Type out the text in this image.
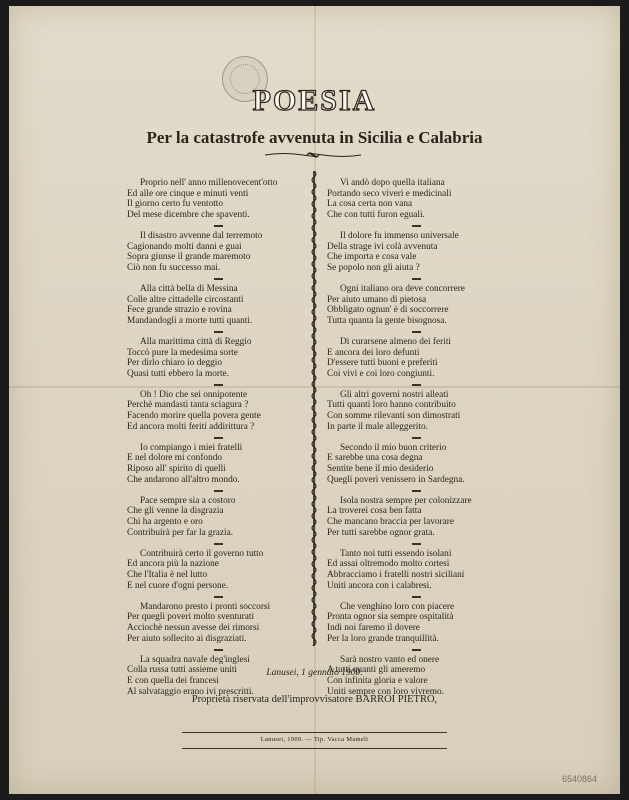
POESIA
Per la catastrofe avvenuta in Sicilia e Calabria
Proprio nell' anno millenovecent'otto
Ed alle ore cinque e minuti venti
Il giorno certo fu ventotto
Del mese dicembre che spaventi.
Il disastro avvenne dal terremoto
Cagionando molti danni e guai
Sopra giunse il grande maremoto
Ciò non fu successo mai.
Alla città bella di Messina
Colle altre cittadelle circostanti
Fece grande strazio e rovina
Mandandogli a morte tutti quanti.
Alla marittima città di Reggio
Toccò pure la medesima sorte
Per dirlo chiaro io deggio
Quasi tutti ebbero la morte.
Oh ! Dio che sei onnipotente
Perchè mandasti tanta sciagura ?
Facendo morire quella povera gente
Ed ancora molti feriti addirittura ?
Io compiango i miei fratelli
E nel dolore mi confondo
Riposo all' spirito di quelli
Che andarono all'altro mondo.
Pace sempre sia a costoro
Che gli venne la disgrazia
Chi ha argento e oro
Contribuirà per far la grazia.
Contribuirà certo il governo tutto
Ed ancora più la nazione
Che l'Italia è nel lutto
E nel cuore d'ogni persone.
Mandarono presto i pronti soccorsi
Per quegli poveri molto sventurati
Acciochè nessun avesse dei rimorsi
Per aiuto sollecito ai disgraziati.
La squadra navale deg'inglesi
Colla russa tutti assieme uniti
E con quella dei francesi
Al salvataggio erano ivi prescritti.
Vi andò dopo quella italiana
Portando seco viveri e medicinali
La cosa certa non vana
Che con tutti furon eguali.
Il dolore fu immenso universale
Della strage ivi colà avvenuta
Che importa e cosa vale
Se popolo non gli aiuta ?
Ogni italiano ora deve concorrere
Per aiuto umano di pietosa
Obbligato ognun' è di soccorrere
Tutta quanta la gente bisognosa.
Di curarsene almeno dei feriti
E ancora dei loro defunti
D'essere tutti buoni e preferiti
Coi vivi e coi loro congiunti.
Gli altri governi nostri alleati
Tutti quanti loro hanno contribuito
Con somme rilevanti son dimostrati
In parte il male alleggerito.
Secondo il mio buon criterio
E sarebbe una cosa degna
Sentite bene il mio desiderio
Quegli poveri venissero in Sardegna.
Isola nostra sempre per colonizzare
La troverei cosa ben fatta
Che mancano braccia per lavorare
Per tutti sarebbe ognor grata.
Tanto noi tutti essendo isolani
Ed assai oltremodo molto cortesi
Abbracciamo i fratelli nostri siciliani
Uniti ancora con i calabresi.
Che venghino loro con piacere
Pronta ognor sia sempre ospitalità
Indi noi faremo il dovere
Per la loro grande tranquillità.
Sarà nostro vanto ed onere
A tutti quanti gli ameremo
Con infinita gloria e valore
Uniti sempre con loro vivremo.
Lanusei, 1 gennaio 1909.
Proprietà riservata dell'improvvisatore BARROI PIETRO,
Lanusei, 1909. — Tip. Vacca Mameli
6540864
